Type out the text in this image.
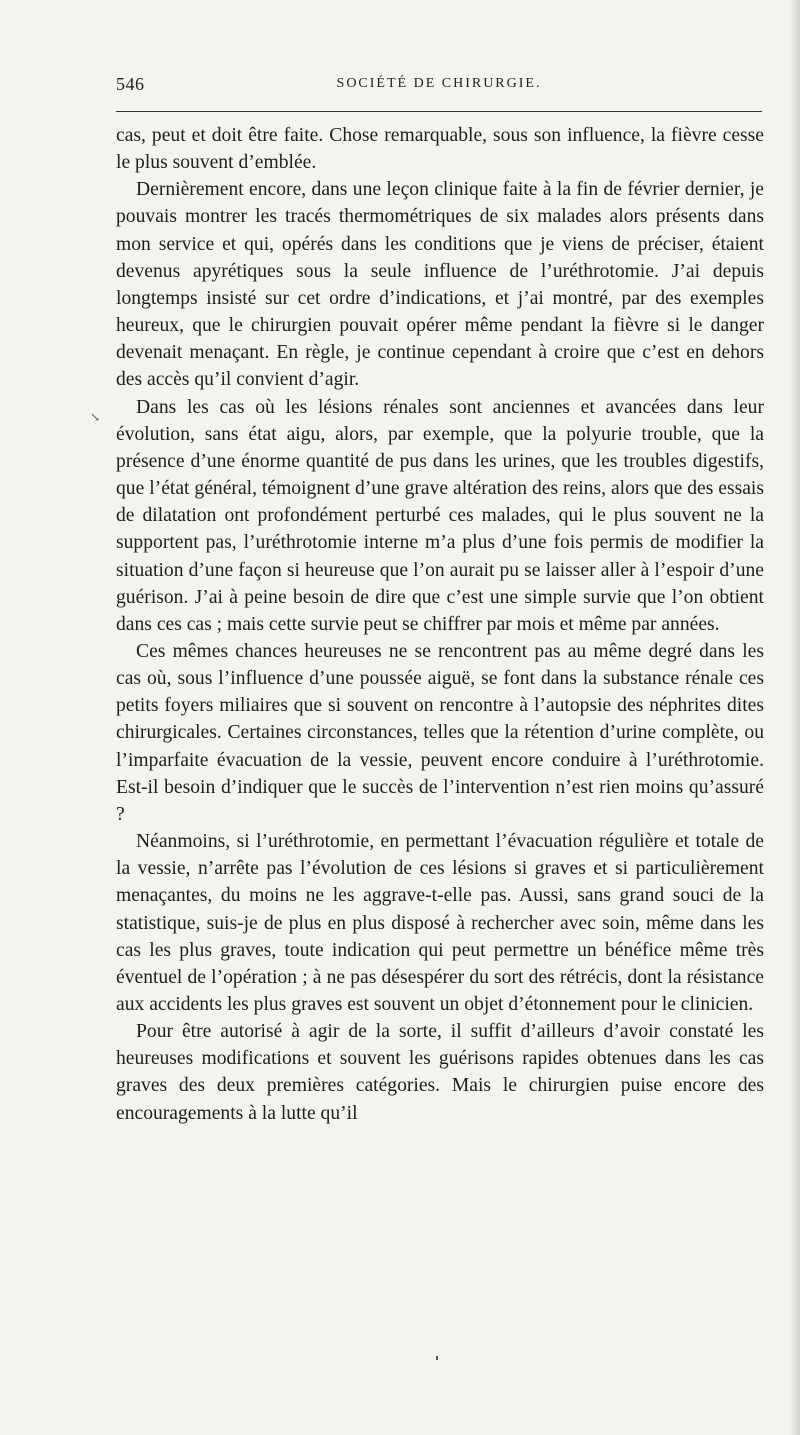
546	SOCIÉTÉ DE CHIRURGIE.
↘

cas, peut et doit être faite. Chose remarquable, sous son influence, la fièvre cesse le plus souvent d’emblée.

Dernièrement encore, dans une leçon clinique faite à la fin de février dernier, je pouvais montrer les tracés thermométriques de six malades alors présents dans mon service et qui, opérés dans les conditions que je viens de préciser, étaient devenus apyrétiques sous la seule influence de l’uréthrotomie. J’ai depuis longtemps insisté sur cet ordre d’indications, et j’ai montré, par des exemples heureux, que le chirurgien pouvait opérer même pendant la fièvre si le danger devenait menaçant. En règle, je continue cependant à croire que c’est en dehors des accès qu’il convient d’agir.

Dans les cas où les lésions rénales sont anciennes et avancées dans leur évolution, sans état aigu, alors, par exemple, que la polyurie trouble, que la présence d’une énorme quantité de pus dans les urines, que les troubles digestifs, que l’état général, témoignent d’une grave altération des reins, alors que des essais de dilatation ont profondément perturbé ces malades, qui le plus souvent ne la supportent pas, l’uréthrotomie interne m’a plus d’une fois permis de modifier la situation d’une façon si heureuse que l’on aurait pu se laisser aller à l’espoir d’une guérison. J’ai à peine besoin de dire que c’est une simple survie que l’on obtient dans ces cas ; mais cette survie peut se chiffrer par mois et même par années.

Ces mêmes chances heureuses ne se rencontrent pas au même degré dans les cas où, sous l’influence d’une poussée aiguë, se font dans la substance rénale ces petits foyers miliaires que si souvent on rencontre à l’autopsie des néphrites dites chirurgicales. Certaines circonstances, telles que la rétention d’urine complète, ou l’imparfaite évacuation de la vessie, peuvent encore conduire à l’uréthrotomie. Est-il besoin d’indiquer que le succès de l’intervention n’est rien moins qu’assuré ?

Néanmoins, si l’uréthrotomie, en permettant l’évacuation régulière et totale de la vessie, n’arrête pas l’évolution de ces lésions si graves et si particulièrement menaçantes, du moins ne les aggrave-t-elle pas. Aussi, sans grand souci de la statistique, suis-je de plus en plus disposé à rechercher avec soin, même dans les cas les plus graves, toute indication qui peut permettre un bénéfice même très éventuel de l’opération ; à ne pas désespérer du sort des rétrécis, dont la résistance aux accidents les plus graves est souvent un objet d’étonnement pour le clinicien.

Pour être autorisé à agir de la sorte, il suffit d’ailleurs d’avoir constaté les heureuses modifications et souvent les guérisons rapides obtenues dans les cas graves des deux premières catégories. Mais le chirurgien puise encore des encouragements à la lutte qu’il
